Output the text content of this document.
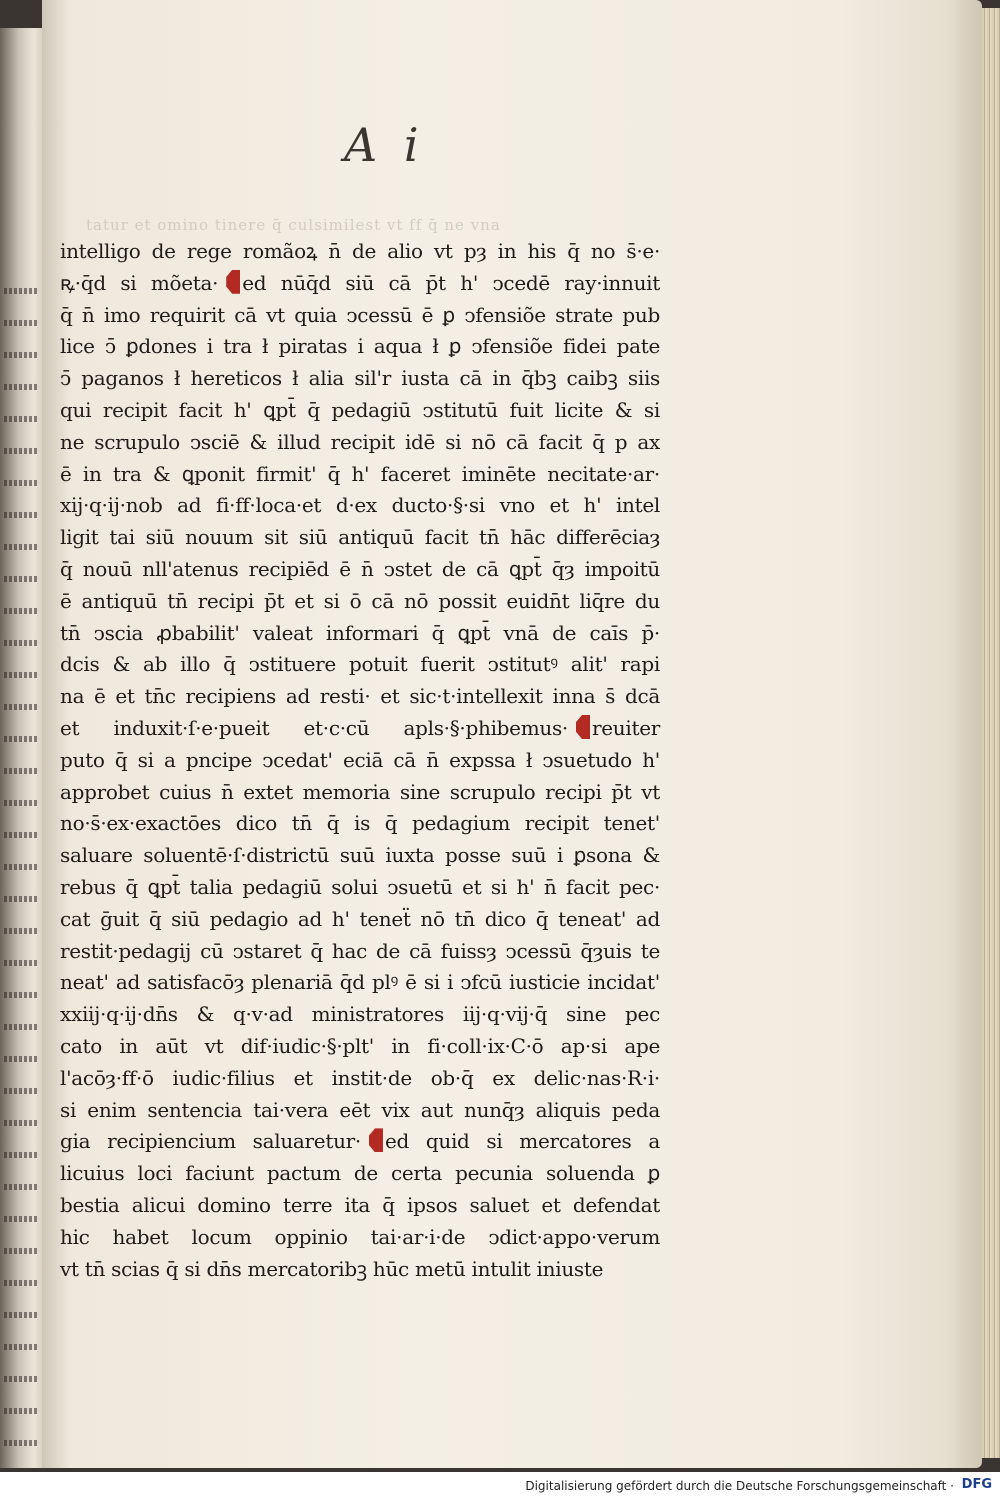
A i
tatur et omino tinere q̄ culsimilest vt ff q̄ ne vna
intelligo de rege romãoꝝ n̄ de alio vt pȝ in his q̄ no s̄·e·
ꝶ·q̄d si mõeta· ed nūq̄d siū cā p̄t h' ↄcedē ray·innuit
q̄ n̄ imo requirit cā vt quia ↄcessū ē ꝑ ↄfensiõe strate pub
lice ↄ̄ ꝑdones i tra ł piratas i aqua ł ꝑ ↄfensiõe fidei pate
ↄ̄ paganos ł hereticos ł alia sil'r iusta cā in q̄bꝫ caibꝫ siis
qui recipit facit h' ꝗpt̄ q̄ pedagiū ↄstitutū fuit licite & si
ne scrupulo ↄsciē & illud recipit idē si nō cā facit q̄ p ax
ē in tra & ꝗponit firmit' q̄ h' faceret iminēte necitate·ar·
xij·q·ij·nob ad fi·ff·loca·et d·ex ducto·§·si vno et h' intel
ligit tai siū nouum sit siū antiquū facit tn̄ hāc differēciaȝ
q̄ nouū nll'atenus recipiēd ē n̄ ↄstet de cā ꝗpt̄ q̄ȝ impoitū
ē antiquū tn̄ recipi p̄t et si ō cā nō possit euidn̄t liq̄re du
tn̄ ↄscia ꝓbabilit' valeat informari q̄ ꝗpt̄ vnā de caīs p̄·
dcis & ab illo q̄ ↄstituere potuit fuerit ↄstitutꝰ alit' rapi
na ē et tn̄c recipiens ad resti· et sic·t·intellexit inna s̄ dcā
et induxit·ſ·e·pueit et·c·cū apls·§·phibemus· reuiter
puto q̄ si a pncipe ↄcedat' eciā cā n̄ expssa ł ↄsuetudo h'
approbet cuius n̄ extet memoria sine scrupulo recipi p̄t vt
no·s̄·ex·exactōes dico tn̄ q̄ is q̄ pedagium recipit tenet'
saluare soluentē·ſ·districtū suū iuxta posse suū i ꝑsona &
rebus q̄ ꝗpt̄ talia pedagiū solui ↄsuetū et si h' n̄ facit pec·
cat ḡuit q̄ siū pedagio ad h' teneẗ nō tn̄ dico q̄ teneat' ad
restit·pedagij cū ↄstaret q̄ hac de cā fuissȝ ↄcessū q̄ȝuis te
neat' ad satisfacōȝ plenariā q̄d plꝰ ē si i ↄfcū iusticie incidat'
xxiij·q·ij·dn̄s & q·v·ad ministratores iij·q·vij·q̄ sine pec
cato in aūt vt dif·iudic·§·plt' in fi·coll·ix·C·ō ap·si ape
l'acōȝ·ff·ō iudic·filius et instit·de ob·q̄ ex delic·nas·R·i·
si enim sentencia tai·vera eēt vix aut nunq̄ȝ aliquis peda
gia recipiencium saluaretur· ed quid si mercatores a
licuius loci faciunt pactum de certa pecunia soluenda ꝑ
bestia alicui domino terre ita q̄ ipsos saluet et defendat
hic habet locum oppinio tai·ar·i·de ↄdict·appo·verum
vt tn̄ scias q̄ si dn̄s mercatoribꝫ hūc metū intulit iniuste
Digitalisierung gefördert durch die Deutsche Forschungsgemeinschaft · DFG
